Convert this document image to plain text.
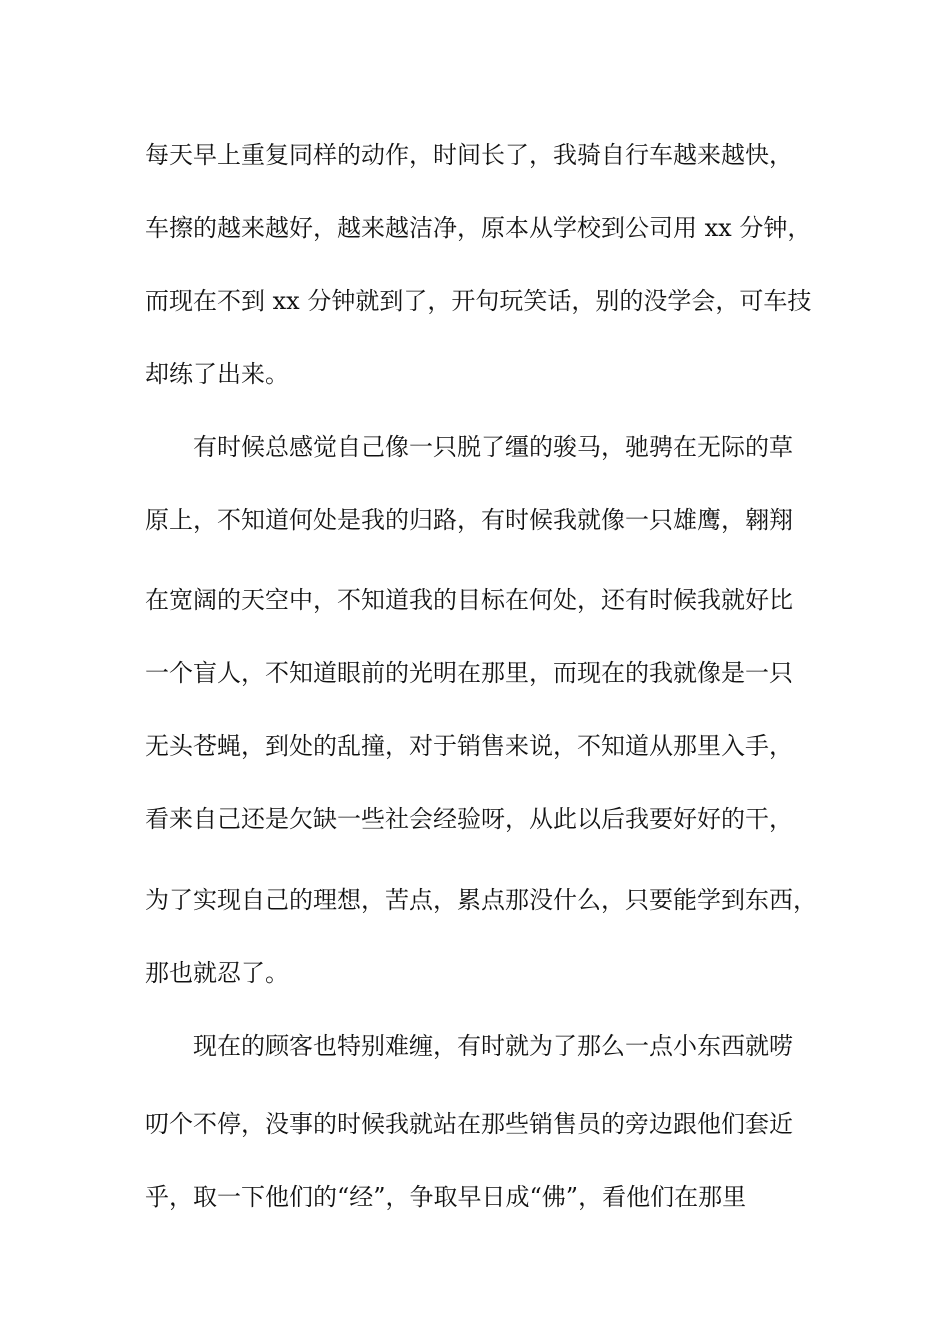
每天早上重复同样的动作，时间长了，我骑自行车越来越快，
车擦的越来越好，越来越洁净，原本从学校到公司用 xx 分钟，
而现在不到 xx 分钟就到了，开句玩笑话，别的没学会，可车技
却练了出来。
　　有时候总感觉自己像一只脱了缰的骏马，驰骋在无际的草
原上，不知道何处是我的归路，有时候我就像一只雄鹰，翱翔
在宽阔的天空中，不知道我的目标在何处，还有时候我就好比
一个盲人，不知道眼前的光明在那里，而现在的我就像是一只
无头苍蝇，到处的乱撞，对于销售来说，不知道从那里入手，
看来自己还是欠缺一些社会经验呀，从此以后我要好好的干，
为了实现自己的理想，苦点，累点那没什么，只要能学到东西，
那也就忍了。
　　现在的顾客也特别难缠，有时就为了那么一点小东西就唠
叨个不停，没事的时候我就站在那些销售员的旁边跟他们套近
乎，取一下他们的“经”，争取早日成“佛”，看他们在那里
